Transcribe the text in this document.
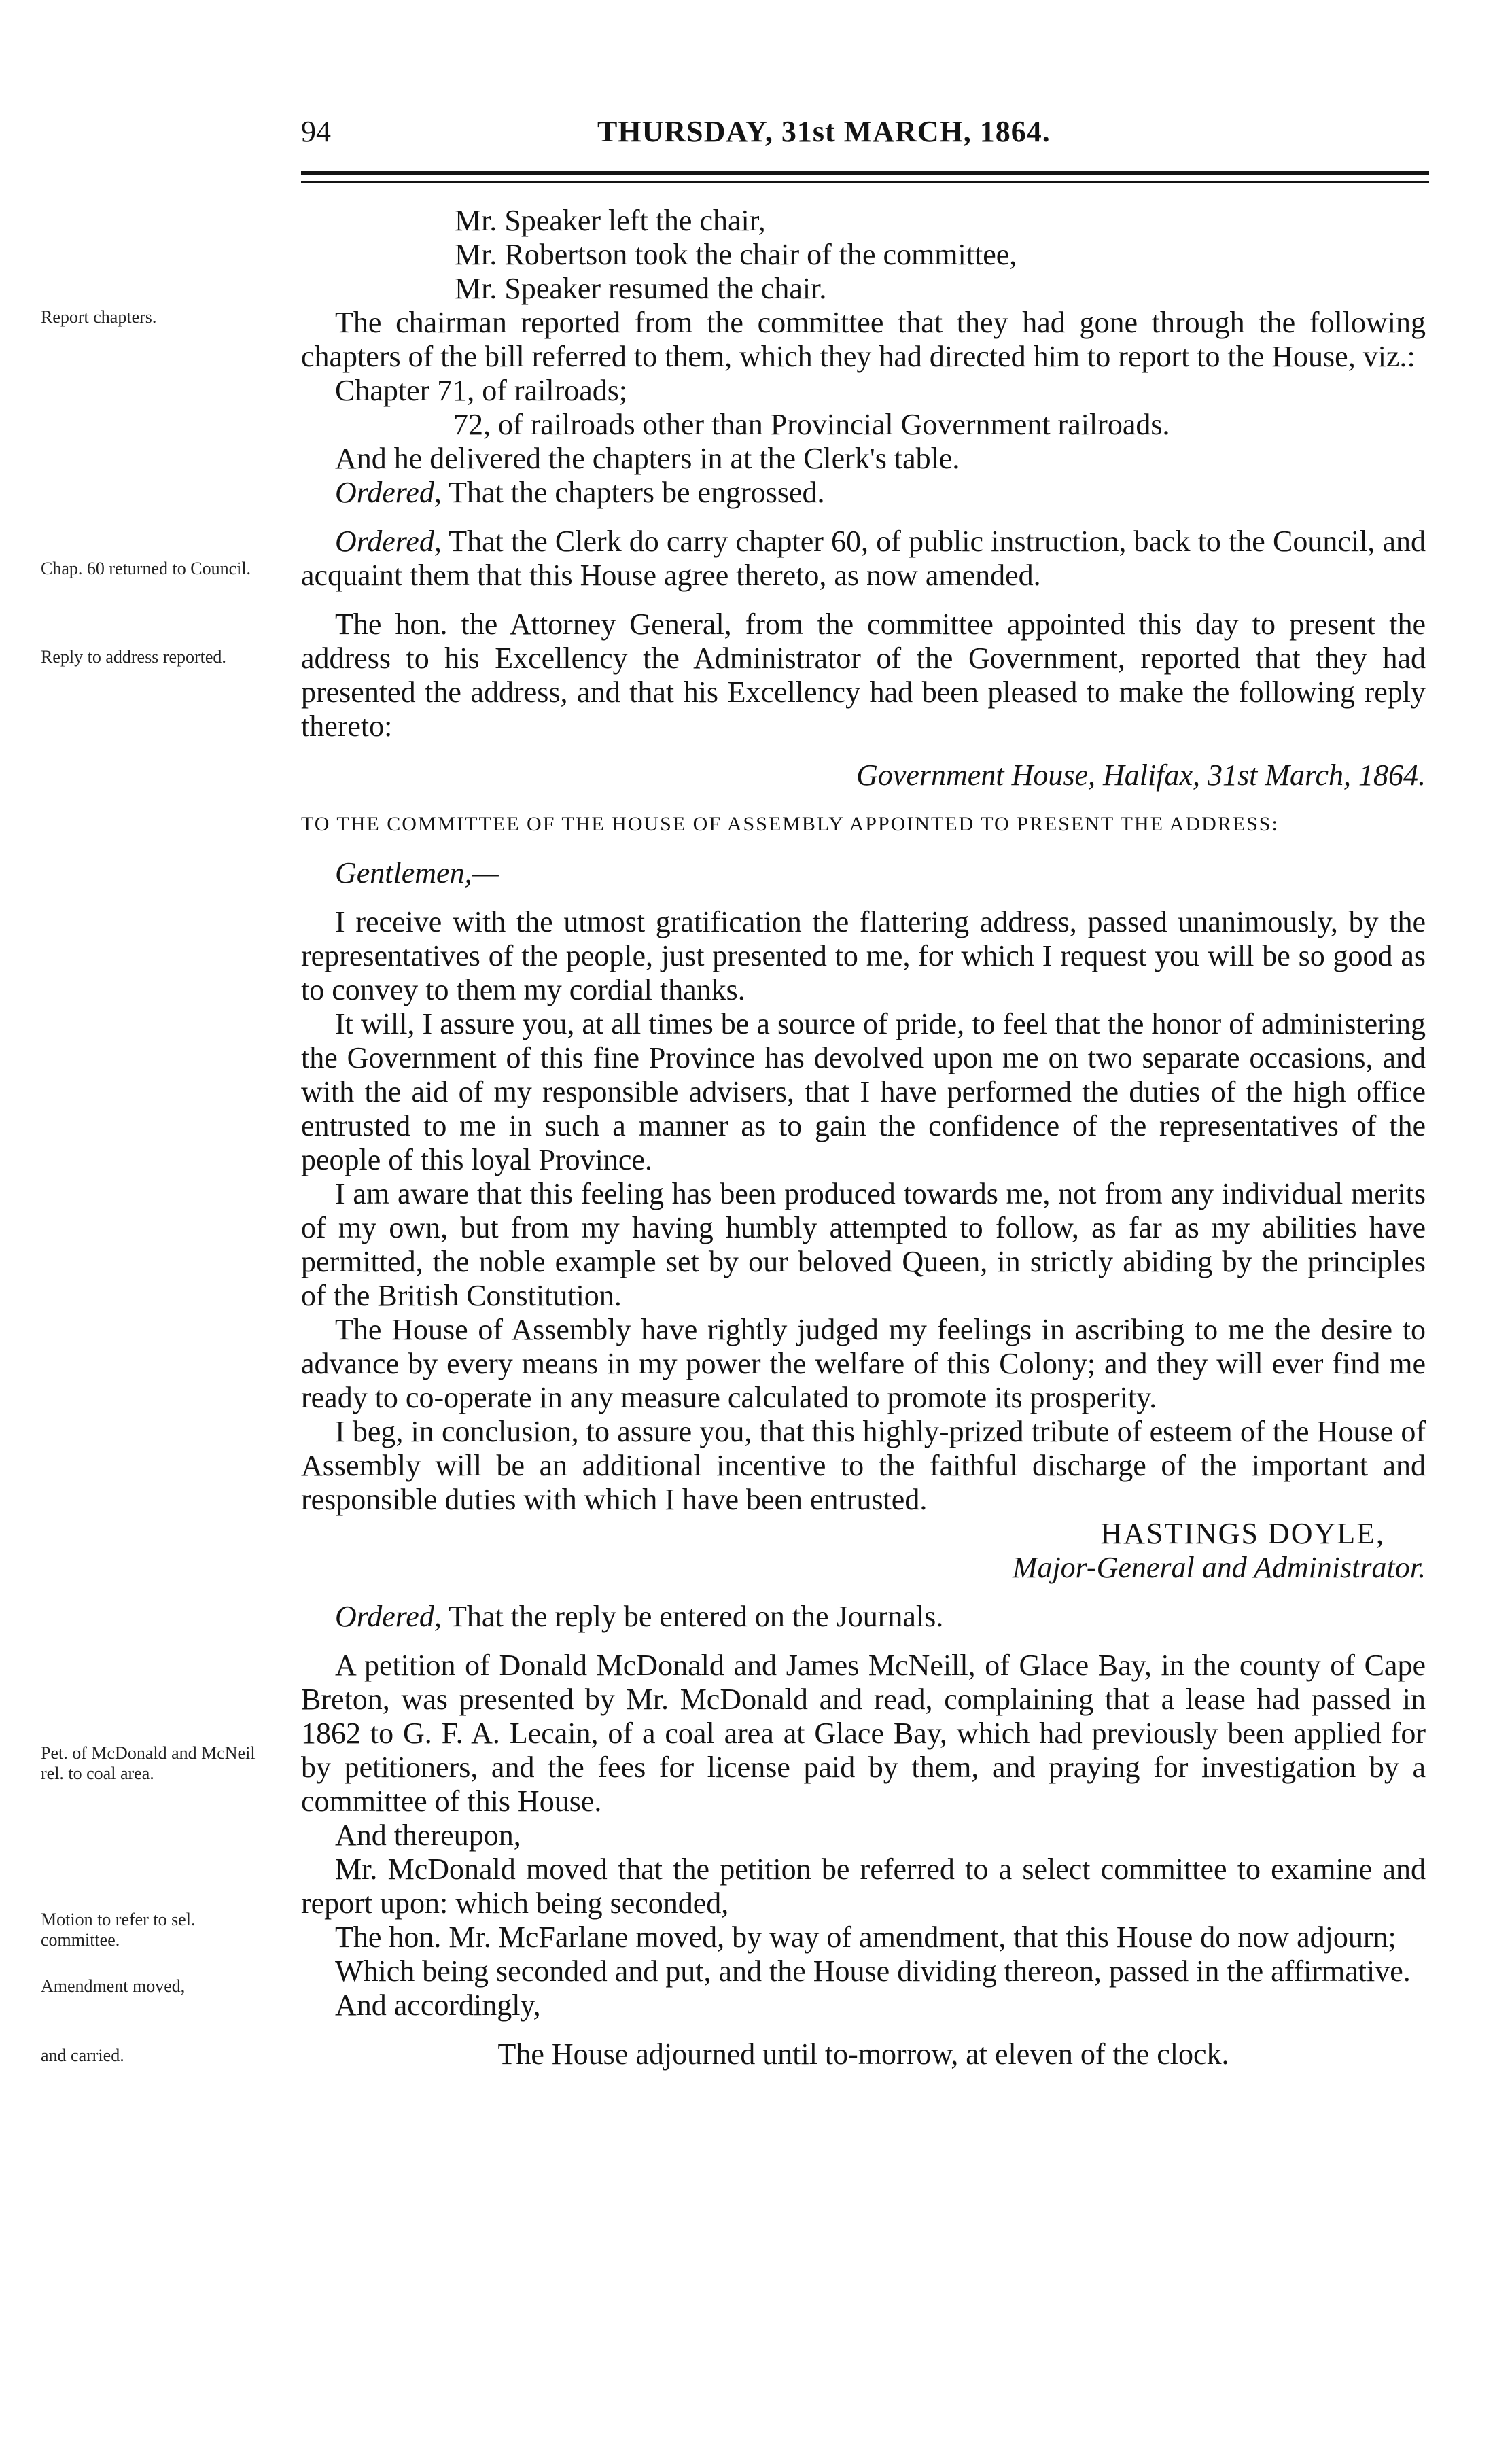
94	THURSDAY, 31st MARCH, 1864.
Report chapters.
Chap. 60 returned to Council.
Reply to address reported.
Pet. of McDonald and McNeil rel. to coal area.
Motion to refer to sel. committee.
Amendment moved,
and carried.

Mr. Speaker left the chair,

Mr. Robertson took the chair of the committee,

Mr. Speaker resumed the chair.

The chairman reported from the committee that they had gone through the following chapters of the bill referred to them, which they had directed him to report to the House, viz.:

Chapter 71, of railroads;

72, of railroads other than Provincial Government railroads.

And he delivered the chapters in at the Clerk's table.

Ordered, That the chapters be engrossed.

Ordered, That the Clerk do carry chapter 60, of public instruction, back to the Council, and acquaint them that this House agree thereto, as now amended.

The hon. the Attorney General, from the committee appointed this day to present the address to his Excellency the Administrator of the Government, reported that they had presented the address, and that his Excellency had been pleased to make the following reply thereto:

Government House, Halifax, 31st March, 1864.

TO THE COMMITTEE OF THE HOUSE OF ASSEMBLY APPOINTED TO PRESENT THE ADDRESS:

Gentlemen,—

I receive with the utmost gratification the flattering address, passed unanimously, by the representatives of the people, just presented to me, for which I request you will be so good as to convey to them my cordial thanks.

It will, I assure you, at all times be a source of pride, to feel that the honor of administering the Government of this fine Province has devolved upon me on two separate occasions, and with the aid of my responsible advisers, that I have performed the duties of the high office entrusted to me in such a manner as to gain the confidence of the representatives of the people of this loyal Province.

I am aware that this feeling has been produced towards me, not from any individual merits of my own, but from my having humbly attempted to follow, as far as my abilities have permitted, the noble example set by our beloved Queen, in strictly abiding by the principles of the British Constitution.

The House of Assembly have rightly judged my feelings in ascribing to me the desire to advance by every means in my power the welfare of this Colony; and they will ever find me ready to co-operate in any measure calculated to promote its prosperity.

I beg, in conclusion, to assure you, that this highly-prized tribute of esteem of the House of Assembly will be an additional incentive to the faithful discharge of the important and responsible duties with which I have been entrusted.

HASTINGS DOYLE,

Major-General and Administrator.

Ordered, That the reply be entered on the Journals.

A petition of Donald McDonald and James McNeill, of Glace Bay, in the county of Cape Breton, was presented by Mr. McDonald and read, complaining that a lease had passed in 1862 to G. F. A. Lecain, of a coal area at Glace Bay, which had previously been applied for by petitioners, and the fees for license paid by them, and praying for investigation by a committee of this House.

And thereupon,

Mr. McDonald moved that the petition be referred to a select committee to examine and report upon: which being seconded,

The hon. Mr. McFarlane moved, by way of amendment, that this House do now adjourn;

Which being seconded and put, and the House dividing thereon, passed in the affirmative.

And accordingly,

The House adjourned until to-morrow, at eleven of the clock.
